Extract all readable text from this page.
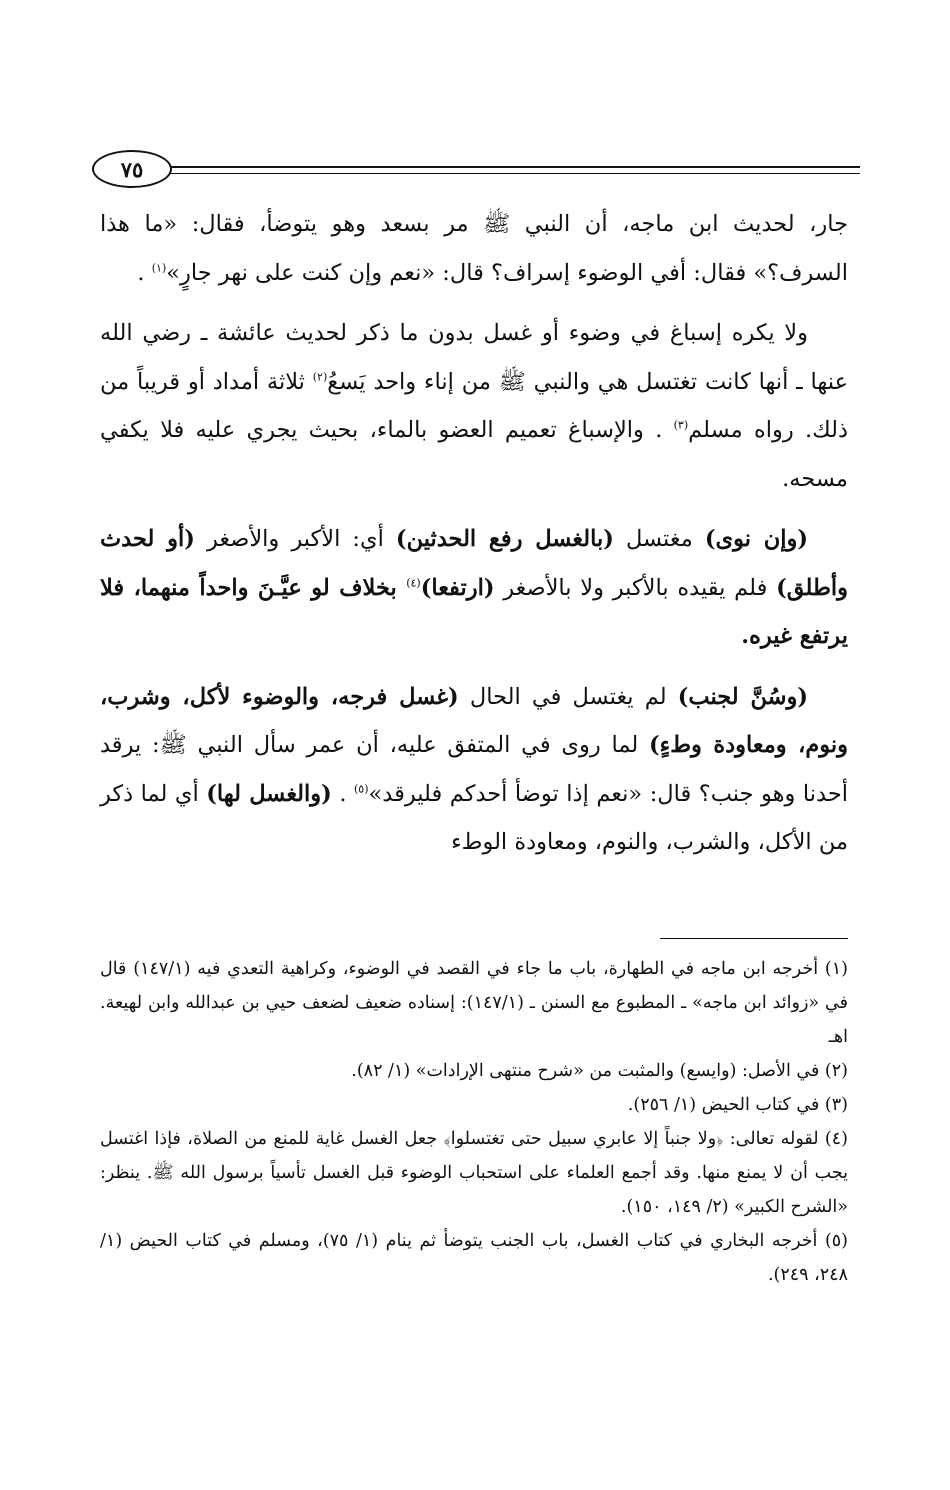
٧٥

جار، لحديث ابن ماجه، أن النبي ﷺ مر بسعد وهو يتوضأ، فقال: «ما هذا السرف؟» فقال: أفي الوضوء إسراف؟ قال: «نعم وإن كنت على نهر جارٍ»$^{(١)}$ .

ولا يكره إسباغ في وضوء أو غسل بدون ما ذكر لحديث عائشة ـ رضي الله عنها ـ أنها كانت تغتسل هي والنبي ﷺ من إناء واحد يَسعُ$^{(٢)}$ ثلاثة أمداد أو قريباً من ذلك. رواه مسلم$^{(٣)}$ . والإسباغ تعميم العضو بالماء، بحيث يجري عليه فلا يكفي مسحه.

(وإن نوى) مغتسل (بالغسل رفع الحدثين) أي: الأكبر والأصغر (أو لحدث وأطلق) فلم يقيده بالأكبر ولا بالأصغر (ارتفعا)$^{(٤)}$ بخلاف لو عيَّـنَ واحداً منهما، فلا يرتفع غيره.

(وسُنَّ لجنب) لم يغتسل في الحال (غسل فرجه، والوضوء لأكل، وشرب، ونوم، ومعاودة وطءٍ) لما روى في المتفق عليه، أن عمر سأل النبي ﷺ: يرقد أحدنا وهو جنب؟ قال: «نعم إذا توضأ أحدكم فليرقد»$^{(٥)}$ . (والغسل لها) أي لما ذكر من الأكل، والشرب، والنوم، ومعاودة الوطء

(١) أخرجه ابن ماجه في الطهارة، باب ما جاء في القصد في الوضوء، وكراهية التعدي فيه (١٤٧/١) قال في «زوائد ابن ماجه» ـ المطبوع مع السنن ـ (١٤٧/١): إسناده ضعيف لضعف حيي بن عبدالله وابن لهيعة. اهـ

(٢) في الأصل: (وايسع) والمثبت من «شرح منتهى الإرادات» (١/ ٨٢).

(٣) في كتاب الحيض (١/ ٢٥٦).

(٤) لقوله تعالى: ﴿ولا جنباً إلا عابري سبيل حتى تغتسلوا﴾ جعل الغسل غاية للمنع من الصلاة، فإذا اغتسل يجب أن لا يمنع منها. وقد أجمع العلماء على استحباب الوضوء قبل الغسل تأسياً برسول الله ﷺ. ينظر: «الشرح الكبير» (٢/ ١٤٩، ١٥٠).

(٥) أخرجه البخاري في كتاب الغسل، باب الجنب يتوضأ ثم ينام (١/ ٧٥)، ومسلم في كتاب الحيض (١/ ٢٤٨، ٢٤٩).
